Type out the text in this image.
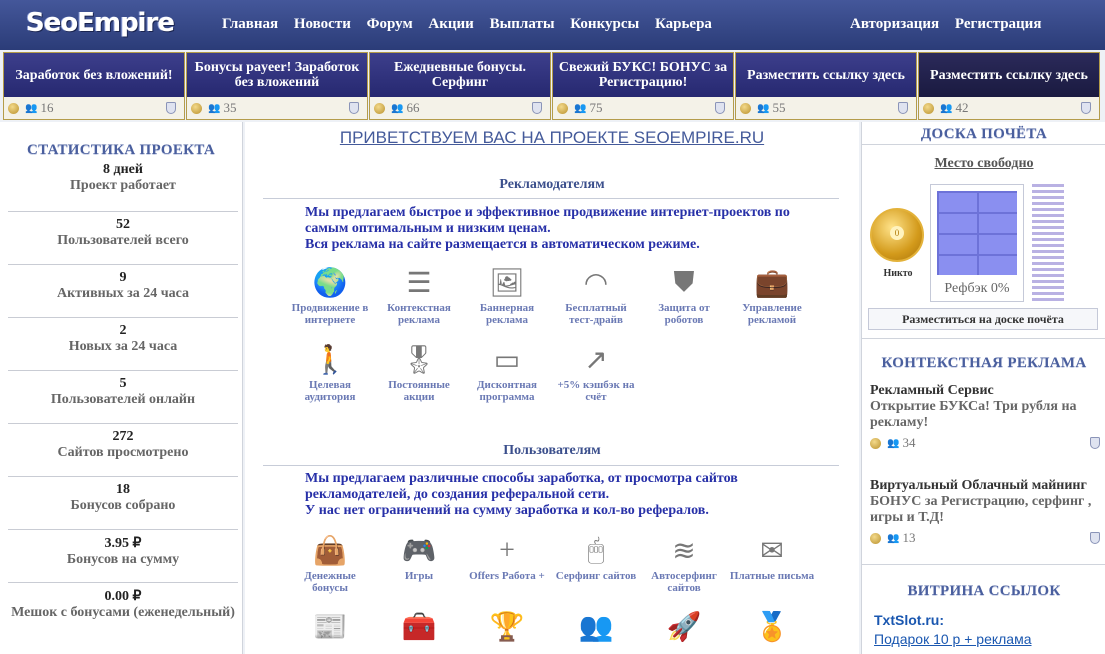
SeoEmpire	Главная Новости Форум Акции Выплаты Конкурсы Карьера	Авторизация Регистрация
Заработок без вложений!
👥 16
Бонусы payeer! Заработок без вложений
👥 35
Ежедневные бонусы. Серфинг
👥 66
Свежий БУКС! БОНУС за Регистрацию!
👥 75
Разместить ссылку здесь
👥 55
Разместить ссылку здесь
👥 42
СТАТИСТИКА ПРОЕКТА
8 дней
Проект работает
52
Пользователей всего
9
Активных за 24 часа
2
Новых за 24 часа
5
Пользователей онлайн
272
Сайтов просмотрено
18
Бонусов собрано
3.95 ₽
Бонусов на сумму
0.00 ₽
Мешок с бонусами (еженедельный)
ПРИВЕТСТВУЕМ ВАС НА ПРОЕКТЕ SEOEMPIRE.RU
Рекламодателям
Мы предлагаем быстрое и эффективное продвижение интернет-проектов по самым оптимальным и низким ценам.
Вся реклама на сайте размещается в автоматическом режиме.
🌍
Продвижение в интернете
☰
Контекстная реклама
🖼
Баннерная реклама
◠
Бесплатный тест-драйв
⛊
Защита от роботов
💼
Управление рекламой
🚶
Целевая аудитория
🎖
Постоянные акции
▭
Дисконтная программа
↗
+5% кэшбэк на счёт
Пользователям
Мы предлагаем различные способы заработка, от просмотра сайтов рекламодателей, до создания реферальной сети.
У нас нет ограничений на сумму заработка и кол-во рефералов.
👜
Денежные бонусы
🎮
Игры
+
Offers Работа +
🖱
Серфинг сайтов
≋
Автосерфинг сайтов
✉
Платные письма
📰	🧰	🏆	👥	🚀	🏅
ДОСКА ПОЧЁТА
Место свободно
0
Никто
Рефбэк 0%
Разместиться на доске почёта
КОНТЕКСТНАЯ РЕКЛАМА
Рекламный Сервис
Открытие БУКСа! Три рубля на рекламу!
👥 34
Виртуальный Облачный майнинг
БОНУС за Регистрацию, серфинг , игры и Т.Д!
👥 13
ВИТРИНА ССЫЛОК
TxtSlot.ru:
Подарок 10 р + реклама
